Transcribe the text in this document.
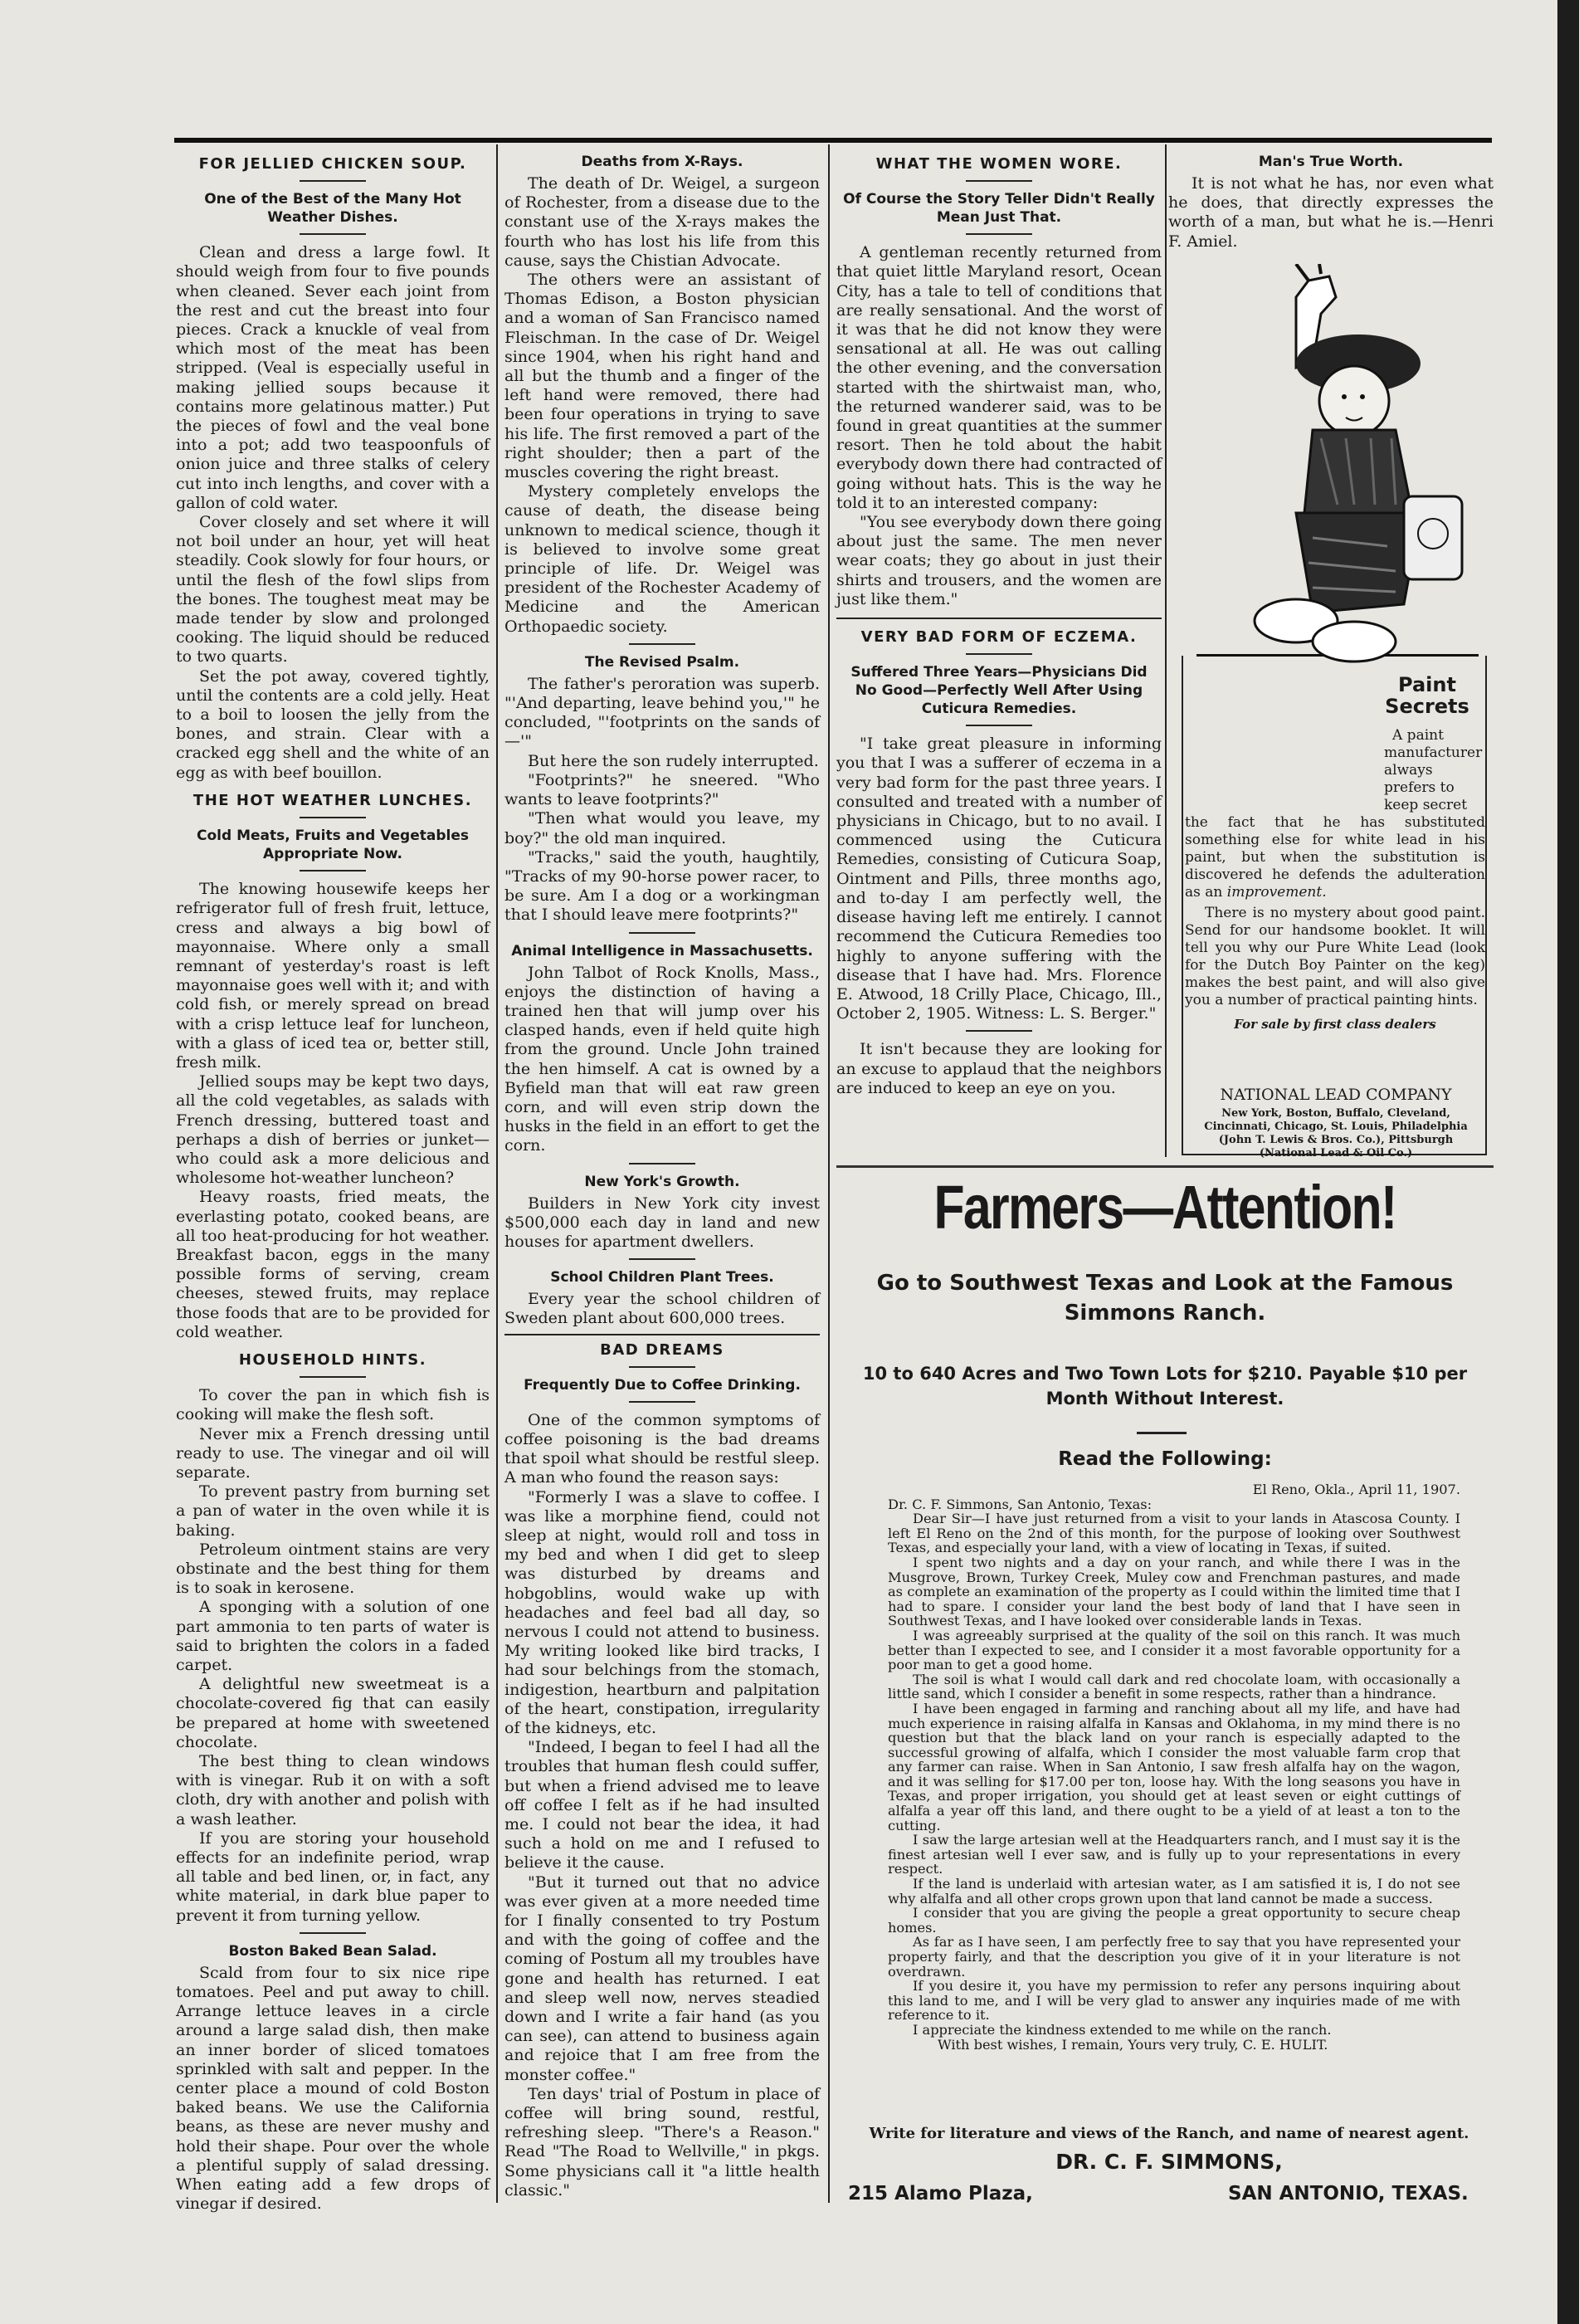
FOR JELLIED CHICKEN SOUP.
One of the Best of the Many Hot Weather Dishes.

Clean and dress a large fowl. It should weigh from four to five pounds when cleaned. Sever each joint from the rest and cut the breast into four pieces. Crack a knuckle of veal from which most of the meat has been stripped. (Veal is especially useful in making jellied soups because it contains more gelatinous matter.) Put the pieces of fowl and the veal bone into a pot; add two teaspoonfuls of onion juice and three stalks of celery cut into inch lengths, and cover with a gallon of cold water.

Cover closely and set where it will not boil under an hour, yet will heat steadily. Cook slowly for four hours, or until the flesh of the fowl slips from the bones. The toughest meat may be made tender by slow and prolonged cooking. The liquid should be reduced to two quarts.

Set the pot away, covered tightly, until the contents are a cold jelly. Heat to a boil to loosen the jelly from the bones, and strain. Clear with a cracked egg shell and the white of an egg as with beef bouillon.

THE HOT WEATHER LUNCHES.
Cold Meats, Fruits and Vegetables Appropriate Now.

The knowing housewife keeps her refrigerator full of fresh fruit, lettuce, cress and always a big bowl of mayonnaise. Where only a small remnant of yesterday's roast is left mayonnaise goes well with it; and with cold fish, or merely spread on bread with a crisp lettuce leaf for luncheon, with a glass of iced tea or, better still, fresh milk.

Jellied soups may be kept two days, all the cold vegetables, as salads with French dressing, buttered toast and perhaps a dish of berries or junket—who could ask a more delicious and wholesome hot-weather luncheon?

Heavy roasts, fried meats, the everlasting potato, cooked beans, are all too heat-producing for hot weather. Breakfast bacon, eggs in the many possible forms of serving, cream cheeses, stewed fruits, may replace those foods that are to be provided for cold weather.

HOUSEHOLD HINTS.

To cover the pan in which fish is cooking will make the flesh soft.

Never mix a French dressing until ready to use. The vinegar and oil will separate.

To prevent pastry from burning set a pan of water in the oven while it is baking.

Petroleum ointment stains are very obstinate and the best thing for them is to soak in kerosene.

A sponging with a solution of one part ammonia to ten parts of water is said to brighten the colors in a faded carpet.

A delightful new sweetmeat is a chocolate-covered fig that can easily be prepared at home with sweetened chocolate.

The best thing to clean windows with is vinegar. Rub it on with a soft cloth, dry with another and polish with a wash leather.

If you are storing your household effects for an indefinite period, wrap all table and bed linen, or, in fact, any white material, in dark blue paper to prevent it from turning yellow.

Boston Baked Bean Salad.

Scald from four to six nice ripe tomatoes. Peel and put away to chill. Arrange lettuce leaves in a circle around a large salad dish, then make an inner border of sliced tomatoes sprinkled with salt and pepper. In the center place a mound of cold Boston baked beans. We use the California beans, as these are never mushy and hold their shape. Pour over the whole a plentiful supply of salad dressing. When eating add a few drops of vinegar if desired.

Deaths from X-Rays.

The death of Dr. Weigel, a surgeon of Rochester, from a disease due to the constant use of the X-rays makes the fourth who has lost his life from this cause, says the Chistian Advocate.

The others were an assistant of Thomas Edison, a Boston physician and a woman of San Francisco named Fleischman. In the case of Dr. Weigel since 1904, when his right hand and all but the thumb and a finger of the left hand were removed, there had been four operations in trying to save his life. The first removed a part of the right shoulder; then a part of the muscles covering the right breast.

Mystery completely envelops the cause of death, the disease being unknown to medical science, though it is believed to involve some great principle of life. Dr. Weigel was president of the Rochester Academy of Medicine and the American Orthopaedic society.

The Revised Psalm.

The father's peroration was superb. "'And departing, leave behind you,'" he concluded, "'footprints on the sands of—'"

But here the son rudely interrupted.

"Footprints?" he sneered. "Who wants to leave footprints?"

"Then what would you leave, my boy?" the old man inquired.

"Tracks," said the youth, haughtily, "Tracks of my 90-horse power racer, to be sure. Am I a dog or a workingman that I should leave mere footprints?"

Animal Intelligence in Massachusetts.

John Talbot of Rock Knolls, Mass., enjoys the distinction of having a trained hen that will jump over his clasped hands, even if held quite high from the ground. Uncle John trained the hen himself. A cat is owned by a Byfield man that will eat raw green corn, and will even strip down the husks in the field in an effort to get the corn.

New York's Growth.

Builders in New York city invest $500,000 each day in land and new houses for apartment dwellers.

School Children Plant Trees.

Every year the school children of Sweden plant about 600,000 trees.

BAD DREAMS
Frequently Due to Coffee Drinking.

One of the common symptoms of coffee poisoning is the bad dreams that spoil what should be restful sleep. A man who found the reason says:

"Formerly I was a slave to coffee. I was like a morphine fiend, could not sleep at night, would roll and toss in my bed and when I did get to sleep was disturbed by dreams and hobgoblins, would wake up with headaches and feel bad all day, so nervous I could not attend to business. My writing looked like bird tracks, I had sour belchings from the stomach, indigestion, heartburn and palpitation of the heart, constipation, irregularity of the kidneys, etc.

"Indeed, I began to feel I had all the troubles that human flesh could suffer, but when a friend advised me to leave off coffee I felt as if he had insulted me. I could not bear the idea, it had such a hold on me and I refused to believe it the cause.

"But it turned out that no advice was ever given at a more needed time for I finally consented to try Postum and with the going of coffee and the coming of Postum all my troubles have gone and health has returned. I eat and sleep well now, nerves steadied down and I write a fair hand (as you can see), can attend to business again and rejoice that I am free from the monster coffee."

Ten days' trial of Postum in place of coffee will bring sound, restful, refreshing sleep. "There's a Reason." Read "The Road to Wellville," in pkgs. Some physicians call it "a little health classic."

WHAT THE WOMEN WORE.
Of Course the Story Teller Didn't Really Mean Just That.

A gentleman recently returned from that quiet little Maryland resort, Ocean City, has a tale to tell of conditions that are really sensational. And the worst of it was that he did not know they were sensational at all. He was out calling the other evening, and the conversation started with the shirtwaist man, who, the returned wanderer said, was to be found in great quantities at the summer resort. Then he told about the habit everybody down there had contracted of going without hats. This is the way he told it to an interested company:

"You see everybody down there going about just the same. The men never wear coats; they go about in just their shirts and trousers, and the women are just like them."

VERY BAD FORM OF ECZEMA.
Suffered Three Years—Physicians Did No Good—Perfectly Well After Using Cuticura Remedies.

"I take great pleasure in informing you that I was a sufferer of eczema in a very bad form for the past three years. I consulted and treated with a number of physicians in Chicago, but to no avail. I commenced using the Cuticura Remedies, consisting of Cuticura Soap, Ointment and Pills, three months ago, and to-day I am perfectly well, the disease having left me entirely. I cannot recommend the Cuticura Remedies too highly to anyone suffering with the disease that I have had. Mrs. Florence E. Atwood, 18 Crilly Place, Chicago, Ill., October 2, 1905. Witness: L. S. Berger."

It isn't because they are looking for an excuse to applaud that the neighbors are induced to keep an eye on you.

Man's True Worth.

It is not what he has, nor even what he does, that directly expresses the worth of a man, but what he is.—Henri F. Amiel.

Paint Secrets

A paint manufacturer always prefers to keep secret

the fact that he has substituted something else for white lead in his paint, but when the substitution is discovered he defends the adulteration as an improvement.

There is no mystery about good paint. Send for our handsome booklet. It will tell you why our Pure White Lead (look for the Dutch Boy Painter on the keg) makes the best paint, and will also give you a number of practical painting hints.

For sale by first class dealers

NATIONAL LEAD COMPANY
New York, Boston, Buffalo, Cleveland, Cincinnati, Chicago, St. Louis, Philadelphia (John T. Lewis & Bros. Co.), Pittsburgh (National Lead & Oil Co.)
Farmers—Attention!
Go to Southwest Texas and Look at the Famous Simmons Ranch.
10 to 640 Acres and Two Town Lots for $210. Payable $10 per Month Without Interest.
Read the Following:

El Reno, Okla., April 11, 1907.

Dr. C. F. Simmons, San Antonio, Texas:

Dear Sir—I have just returned from a visit to your lands in Atascosa County. I left El Reno on the 2nd of this month, for the purpose of looking over Southwest Texas, and especially your land, with a view of locating in Texas, if suited.

I spent two nights and a day on your ranch, and while there I was in the Musgrove, Brown, Turkey Creek, Muley cow and Frenchman pastures, and made as complete an examination of the property as I could within the limited time that I had to spare. I consider your land the best body of land that I have seen in Southwest Texas, and I have looked over considerable lands in Texas.

I was agreeably surprised at the quality of the soil on this ranch. It was much better than I expected to see, and I consider it a most favorable opportunity for a poor man to get a good home.

The soil is what I would call dark and red chocolate loam, with occasionally a little sand, which I consider a benefit in some respects, rather than a hindrance.

I have been engaged in farming and ranching about all my life, and have had much experience in raising alfalfa in Kansas and Oklahoma, in my mind there is no question but that the black land on your ranch is especially adapted to the successful growing of alfalfa, which I consider the most valuable farm crop that any farmer can raise. When in San Antonio, I saw fresh alfalfa hay on the wagon, and it was selling for $17.00 per ton, loose hay. With the long seasons you have in Texas, and proper irrigation, you should get at least seven or eight cuttings of alfalfa a year off this land, and there ought to be a yield of at least a ton to the cutting.

I saw the large artesian well at the Headquarters ranch, and I must say it is the finest artesian well I ever saw, and is fully up to your representations in every respect.

If the land is underlaid with artesian water, as I am satisfied it is, I do not see why alfalfa and all other crops grown upon that land cannot be made a success.

I consider that you are giving the people a great opportunity to secure cheap homes.

As far as I have seen, I am perfectly free to say that you have represented your property fairly, and that the description you give of it in your literature is not overdrawn.

If you desire it, you have my permission to refer any persons inquiring about this land to me, and I will be very glad to answer any inquiries made of me with reference to it.

I appreciate the kindness extended to me while on the ranch.

With best wishes, I remain, Yours very truly, C. E. HULIT.

Write for literature and views of the Ranch, and name of nearest agent.
DR. C. F. SIMMONS,
215 Alamo Plaza,	SAN ANTONIO, TEXAS.
